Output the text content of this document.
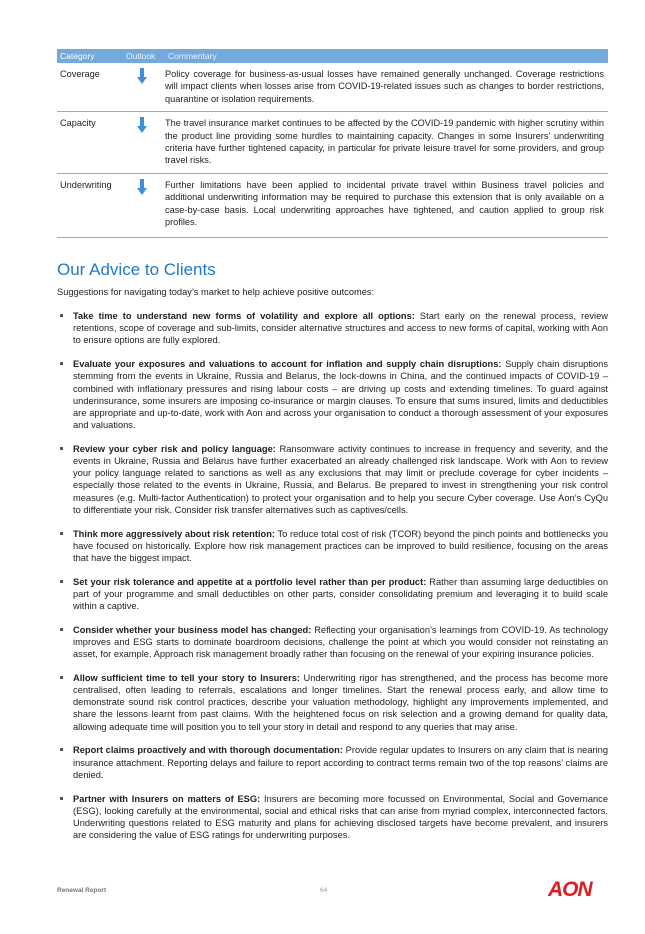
Category	Outlook	Commentary
Coverage	Policy coverage for business-as-usual losses have remained generally unchanged. Coverage restrictions will impact clients when losses arise from COVID-19-related issues such as changes to border restrictions, quarantine or isolation requirements.
Capacity	The travel insurance market continues to be affected by the COVID-19 pandemic with higher scrutiny within the product line providing some hurdles to maintaining capacity. Changes in some Insurers’ underwriting criteria have further tightened capacity, in particular for private leisure travel for some providers, and group travel risks.
Underwriting	Further limitations have been applied to incidental private travel within Business travel policies and additional underwriting information may be required to purchase this extension that is only available on a case-by-case basis. Local underwriting approaches have tightened, and caution applied to group risk profiles.
Our Advice to Clients

Suggestions for navigating today’s market to help achieve positive outcomes:

Take time to understand new forms of volatility and explore all options: Start early on the renewal process, review retentions, scope of coverage and sub-limits, consider alternative structures and access to new forms of capital, working with Aon to ensure options are fully explored.
Evaluate your exposures and valuations to account for inflation and supply chain disruptions: Supply chain disruptions stemming from the events in Ukraine, Russia and Belarus, the lock-downs in China, and the continued impacts of COVID-19 – combined with inflationary pressures and rising labour costs – are driving up costs and extending timelines. To guard against underinsurance, some insurers are imposing co-insurance or margin clauses. To ensure that sums insured, limits and deductibles are appropriate and up-to-date, work with Aon and across your organisation to conduct a thorough assessment of your exposures and valuations.
Review your cyber risk and policy language: Ransomware activity continues to increase in frequency and severity, and the events in Ukraine, Russia and Belarus have further exacerbated an already challenged risk landscape. Work with Aon to review your policy language related to sanctions as well as any exclusions that may limit or preclude coverage for cyber incidents – especially those related to the events in Ukraine, Russia, and Belarus. Be prepared to invest in strengthening your risk control measures (e.g. Multi-factor Authentication) to protect your organisation and to help you secure Cyber coverage. Use Aon’s CyQu to differentiate your risk. Consider risk transfer alternatives such as captives/cells.
Think more aggressively about risk retention: To reduce total cost of risk (TCOR) beyond the pinch points and bottlenecks you have focused on historically. Explore how risk management practices can be improved to build resilience, focusing on the areas that have the biggest impact.
Set your risk tolerance and appetite at a portfolio level rather than per product: Rather than assuming large deductibles on part of your programme and small deductibles on other parts, consider consolidating premium and leveraging it to build scale within a captive.
Consider whether your business model has changed: Reflecting your organisation’s learnings from COVID-19. As technology improves and ESG starts to dominate boardroom decisions, challenge the point at which you would consider not reinstating an asset, for example. Approach risk management broadly rather than focusing on the renewal of your expiring insurance policies.
Allow sufficient time to tell your story to Insurers: Underwriting rigor has strengthened, and the process has become more centralised, often leading to referrals, escalations and longer timelines. Start the renewal process early, and allow time to demonstrate sound risk control practices, describe your valuation methodology, highlight any improvements implemented, and share the lessons learnt from past claims. With the heightened focus on risk selection and a growing demand for quality data, allowing adequate time will position you to tell your story in detail and respond to any queries that may arise.
Report claims proactively and with thorough documentation: Provide regular updates to Insurers on any claim that is nearing insurance attachment. Reporting delays and failure to report according to contract terms remain two of the top reasons’ claims are denied.
Partner with Insurers on matters of ESG: Insurers are becoming more focussed on Environmental, Social and Governance (ESG), looking carefully at the environmental, social and ethical risks that can arise from myriad complex, interconnected factors. Underwriting questions related to ESG maturity and plans for achieving disclosed targets have become prevalent, and insurers are considering the value of ESG ratings for underwriting purposes.
Renewal Report	64	AON
